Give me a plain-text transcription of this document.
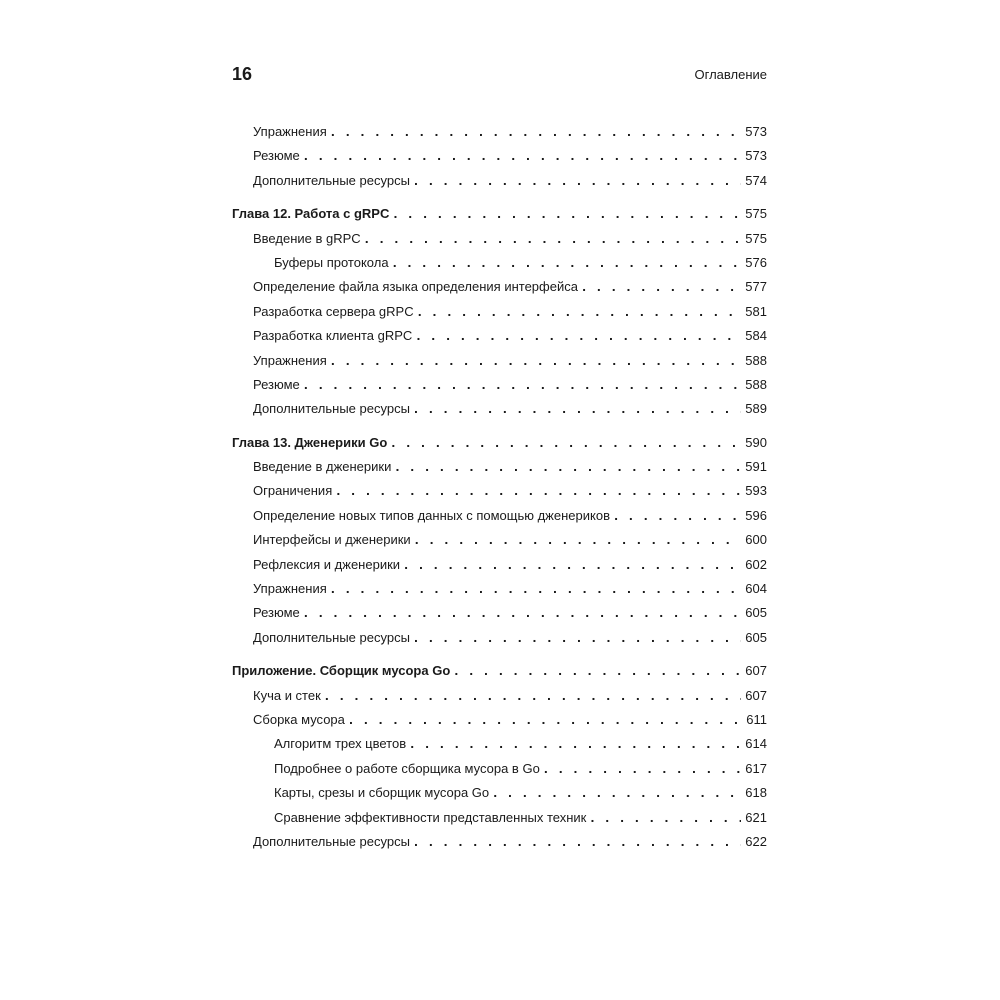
16	Оглавление
Упражнения . . .	573
Резюме . . .	573
Дополнительные ресурсы . . .	574
Глава 12. Работа с gRPC . . .	575
Введение в gRPC . . .	575
Буферы протокола . . .	576
Определение файла языка определения интерфейса . . .	577
Разработка сервера gRPC . . .	581
Разработка клиента gRPC . . .	584
Упражнения . . .	588
Резюме . . .	588
Дополнительные ресурсы . . .	589
Глава 13. Дженерики Go . . .	590
Введение в дженерики . . .	591
Ограничения . . .	593
Определение новых типов данных с помощью дженериков . . .	596
Интерфейсы и дженерики . . .	600
Рефлексия и дженерики . . .	602
Упражнения . . .	604
Резюме . . .	605
Дополнительные ресурсы . . .	605
Приложение. Сборщик мусора Go . . .	607
Куча и стек . . .	607
Сборка мусора . . .	611
Алгоритм трех цветов . . .	614
Подробнее о работе сборщика мусора в Go . . .	617
Карты, срезы и сборщик мусора Go . . .	618
Сравнение эффективности представленных техник . . .	621
Дополнительные ресурсы . . .	622
